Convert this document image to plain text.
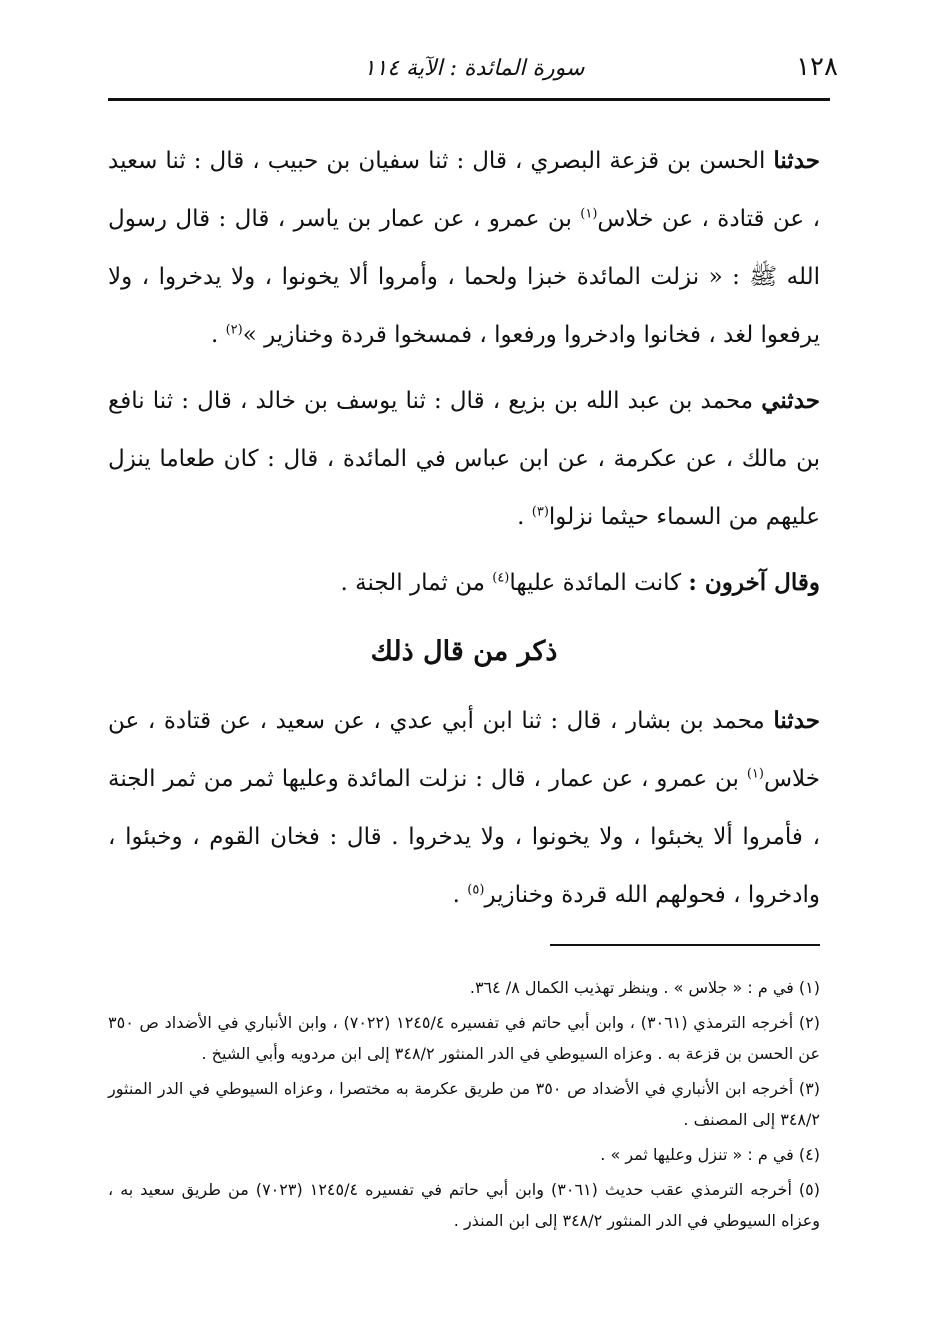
١٢٨
سورة المائدة : الآية ١١٤

حدثنا الحسن بن قزعة البصري ، قال : ثنا سفيان بن حبيب ، قال : ثنا سعيد ، عن قتادة ، عن خلاس$^{(١)}$ بن عمرو ، عن عمار بن ياسر ، قال : قال رسول الله ﷺ : « نزلت المائدة خبزا ولحما ، وأمروا ألا يخونوا ، ولا يدخروا ، ولا يرفعوا لغد ، فخانوا وادخروا ورفعوا ، فمسخوا قردة وخنازير »$^{(٢)}$ .

حدثني محمد بن عبد الله بن بزيع ، قال : ثنا يوسف بن خالد ، قال : ثنا نافع بن مالك ، عن عكرمة ، عن ابن عباس في المائدة ، قال : كان طعاما ينزل عليهم من السماء حيثما نزلوا$^{(٣)}$ .

وقال آخرون : كانت المائدة عليها$^{(٤)}$ من ثمار الجنة .

ذكر من قال ذلك

حدثنا محمد بن بشار ، قال : ثنا ابن أبي عدي ، عن سعيد ، عن قتادة ، عن خلاس$^{(١)}$ بن عمرو ، عن عمار ، قال : نزلت المائدة وعليها ثمر من ثمر الجنة ، فأمروا ألا يخبئوا ، ولا يخونوا ، ولا يدخروا . قال : فخان القوم ، وخبئوا ، وادخروا ، فحولهم الله قردة وخنازير$^{(٥)}$ .

(١) في م : « جلاس » . وينظر تهذيب الكمال ٨/ ٣٦٤.

(٢) أخرجه الترمذي (٣٠٦١) ، وابن أبي حاتم في تفسيره ١٢٤٥/٤ (٧٠٢٢) ، وابن الأنباري في الأضداد ص ٣٥٠ عن الحسن بن قزعة به . وعزاه السيوطي في الدر المنثور ٣٤٨/٢ إلى ابن مردويه وأبي الشيخ .

(٣) أخرجه ابن الأنباري في الأضداد ص ٣٥٠ من طريق عكرمة به مختصرا ، وعزاه السيوطي في الدر المنثور ٣٤٨/٢ إلى المصنف .

(٤) في م : « تنزل وعليها ثمر » .

(٥) أخرجه الترمذي عقب حديث (٣٠٦١) وابن أبي حاتم في تفسيره ١٢٤٥/٤ (٧٠٢٣) من طريق سعيد به ، وعزاه السيوطي في الدر المنثور ٣٤٨/٢ إلى ابن المنذر .
